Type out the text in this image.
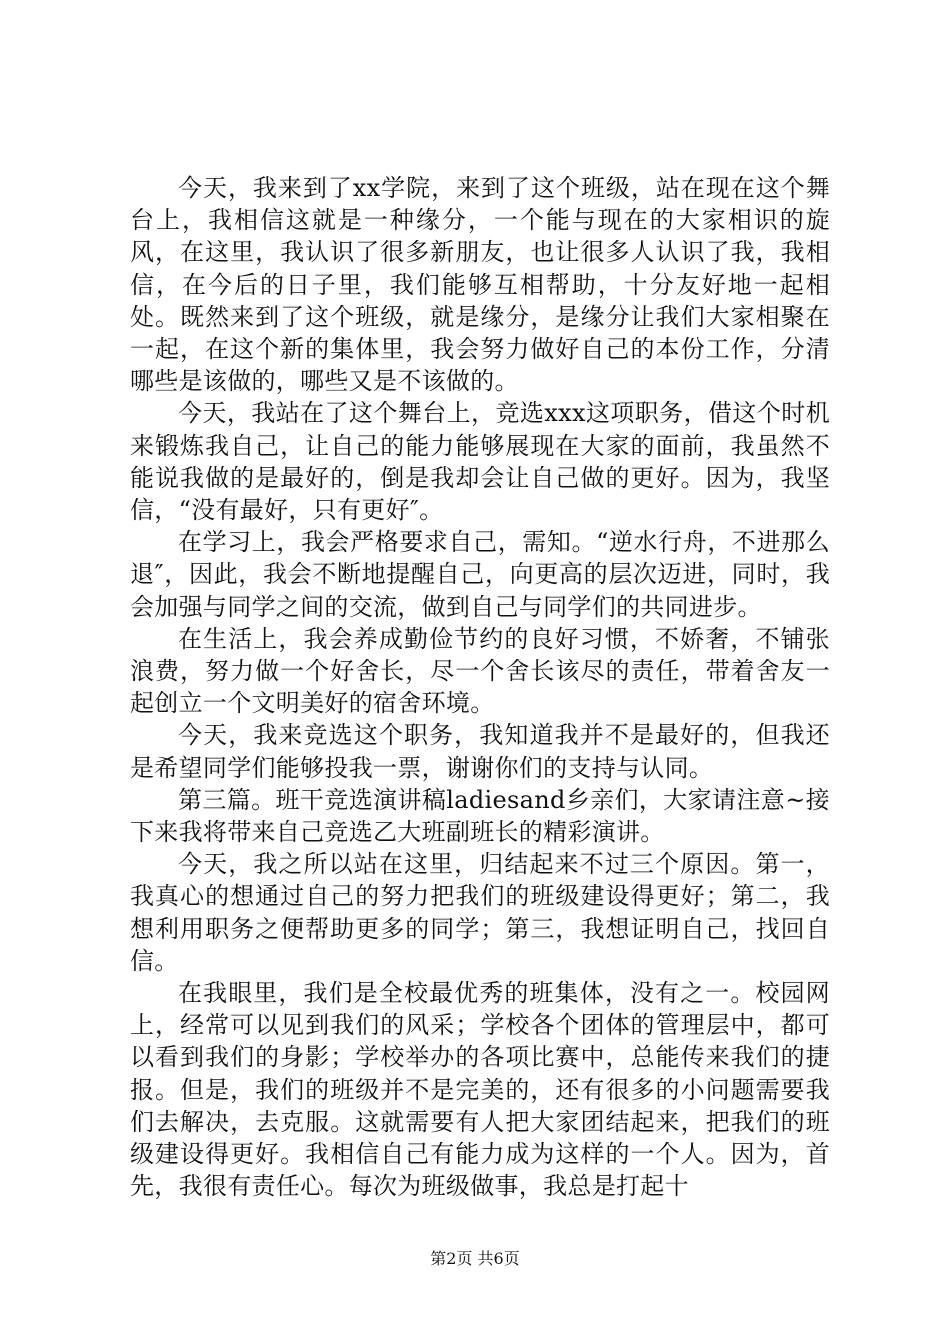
今天，我来到了xx学院，来到了这个班级，站在现在这个舞台上，我相信这就是一种缘分，一个能与现在的大家相识的旋风，在这里，我认识了很多新朋友，也让很多人认识了我，我相信，在今后的日子里，我们能够互相帮助，十分友好地一起相处。既然来到了这个班级，就是缘分，是缘分让我们大家相聚在一起，在这个新的集体里，我会努力做好自己的本份工作，分清哪些是该做的，哪些又是不该做的。

今天，我站在了这个舞台上，竞选xxx这项职务，借这个时机来锻炼我自己，让自己的能力能够展现在大家的面前，我虽然不能说我做的是最好的，倒是我却会让自己做的更好。因为，我坚信，“没有最好，只有更好″。

在学习上，我会严格要求自己，需知。“逆水行舟，不进那么退″，因此，我会不断地提醒自己，向更高的层次迈进，同时，我会加强与同学之间的交流，做到自己与同学们的共同进步。

在生活上，我会养成勤俭节约的良好习惯，不娇奢，不铺张浪费，努力做一个好舍长，尽一个舍长该尽的责任，带着舍友一起创立一个文明美好的宿舍环境。

今天，我来竞选这个职务，我知道我并不是最好的，但我还是希望同学们能够投我一票，谢谢你们的支持与认同。

第三篇。班干竞选演讲稿ladiesand乡亲们，大家请注意~接下来我将带来自己竞选乙大班副班长的精彩演讲。

今天，我之所以站在这里，归结起来不过三个原因。第一，我真心的想通过自己的努力把我们的班级建设得更好；第二，我想利用职务之便帮助更多的同学；第三，我想证明自己，找回自信。

在我眼里，我们是全校最优秀的班集体，没有之一。校园网上，经常可以见到我们的风采；学校各个团体的管理层中，都可以看到我们的身影；学校举办的各项比赛中，总能传来我们的捷报。但是，我们的班级并不是完美的，还有很多的小问题需要我们去解决，去克服。这就需要有人把大家团结起来，把我们的班级建设得更好。我相信自己有能力成为这样的一个人。因为，首先，我很有责任心。每次为班级做事，我总是打起十

第2页 共6页
